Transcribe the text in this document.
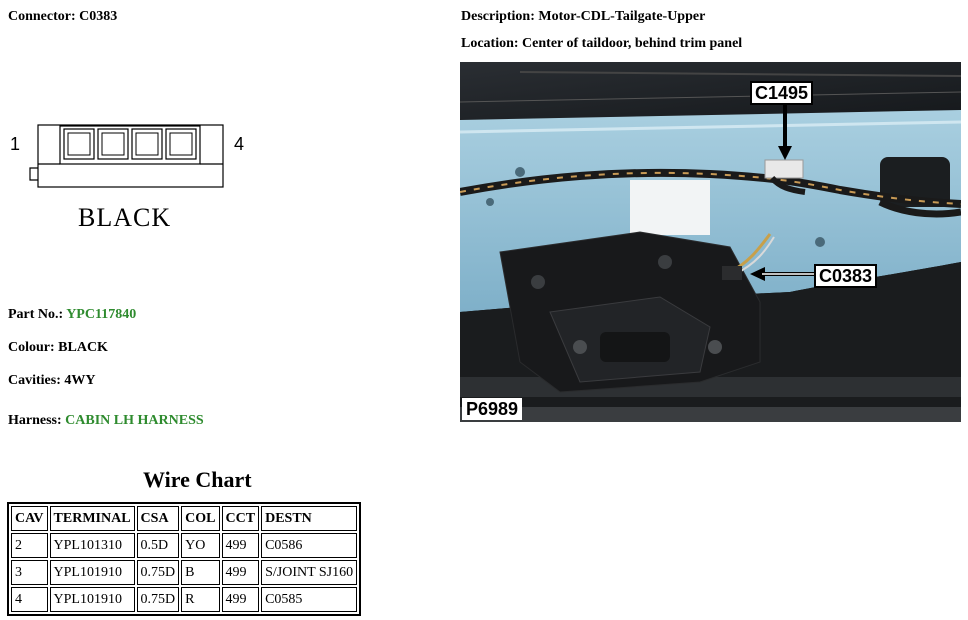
Connector: C0383
1	4
BLACK
Part No.: YPC117840
Colour: BLACK
Cavities: 4WY
Harness: CABIN LH HARNESS
Wire Chart
CAV	TERMINAL	CSA	COL	CCT	DESTN
2	YPL101310	0.5D	YO	499	C0586
3	YPL101910	0.75D	B	499	S/JOINT SJ160
4	YPL101910	0.75D	R	499	C0585
Description: Motor-CDL-Tailgate-Upper
Location: Center of taildoor, behind trim panel
C1495
C0383
P6989
